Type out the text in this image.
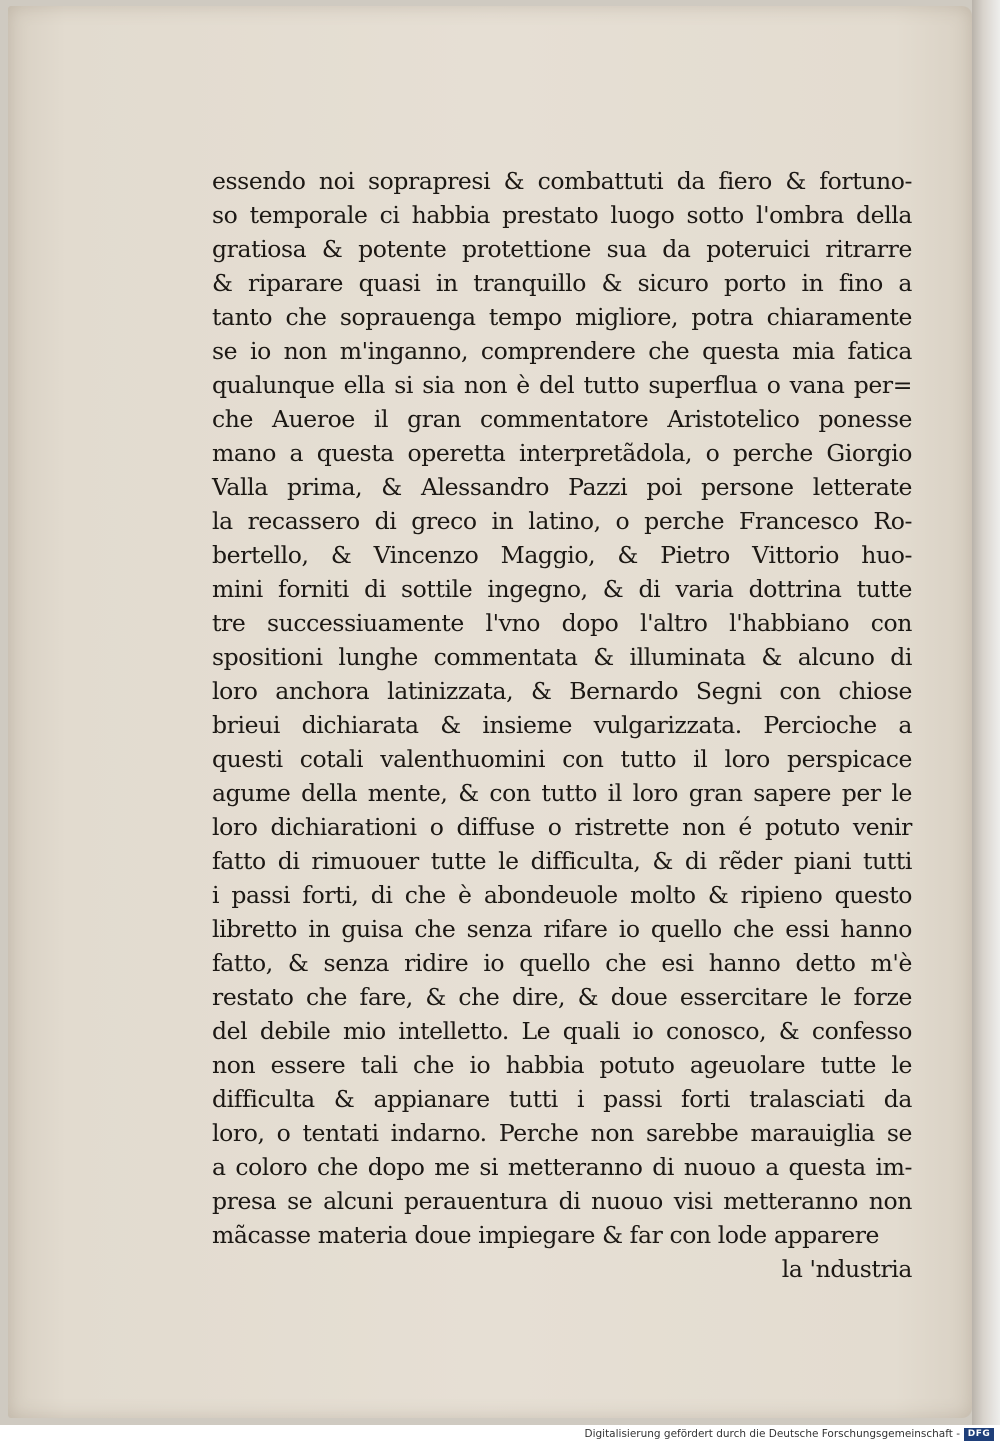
essendo noi soprapresi & combattuti da fiero & fortuno-
so temporale ci habbia prestato luogo sotto l'ombra della
gratiosa & potente protettione sua da poteruici ritrarre
& riparare quasi in tranquillo & sicuro porto in fino a
tanto che soprauenga tempo migliore, potra chiaramente
se io non m'inganno, comprendere che questa mia fatica
qualunque ella si sia non è del tutto superflua o vana per=
che Aueroe il gran commentatore Aristotelico ponesse
mano a questa operetta interpretãdola, o perche Giorgio
Valla prima, & Alessandro Pazzi poi persone letterate
la recassero di greco in latino, o perche Francesco Ro-
bertello, & Vincenzo Maggio, & Pietro Vittorio huo-
mini forniti di sottile ingegno, & di varia dottrina tutte
tre successiuamente l'vno dopo l'altro l'habbiano con
spositioni lunghe commentata & illuminata & alcuno di
loro anchora latinizzata, & Bernardo Segni con chiose
brieui dichiarata & insieme vulgarizzata. Percioche a
questi cotali valenthuomini con tutto il loro perspicace
agume della mente, & con tutto il loro gran sapere per le
loro dichiarationi o diffuse o ristrette non é potuto venir
fatto di rimuouer tutte le difficulta, & di rẽder piani tutti
i passi forti, di che è abondeuole molto & ripieno questo
libretto in guisa che senza rifare io quello che essi hanno
fatto, & senza ridire io quello che esi hanno detto m'è
restato che fare, & che dire, & doue essercitare le forze
del debile mio intelletto. Le quali io conosco, & confesso
non essere tali che io habbia potuto ageuolare tutte le
difficulta & appianare tutti i passi forti tralasciati da
loro, o tentati indarno. Perche non sarebbe marauiglia se
a coloro che dopo me si metteranno di nuouo a questa im-
presa se alcuni perauentura di nuouo visi metteranno non
mãcasse materia doue impiegare & far con lode apparere
la 'ndustria
Digitalisierung gefördert durch die Deutsche Forschungsgemeinschaft - DFG
